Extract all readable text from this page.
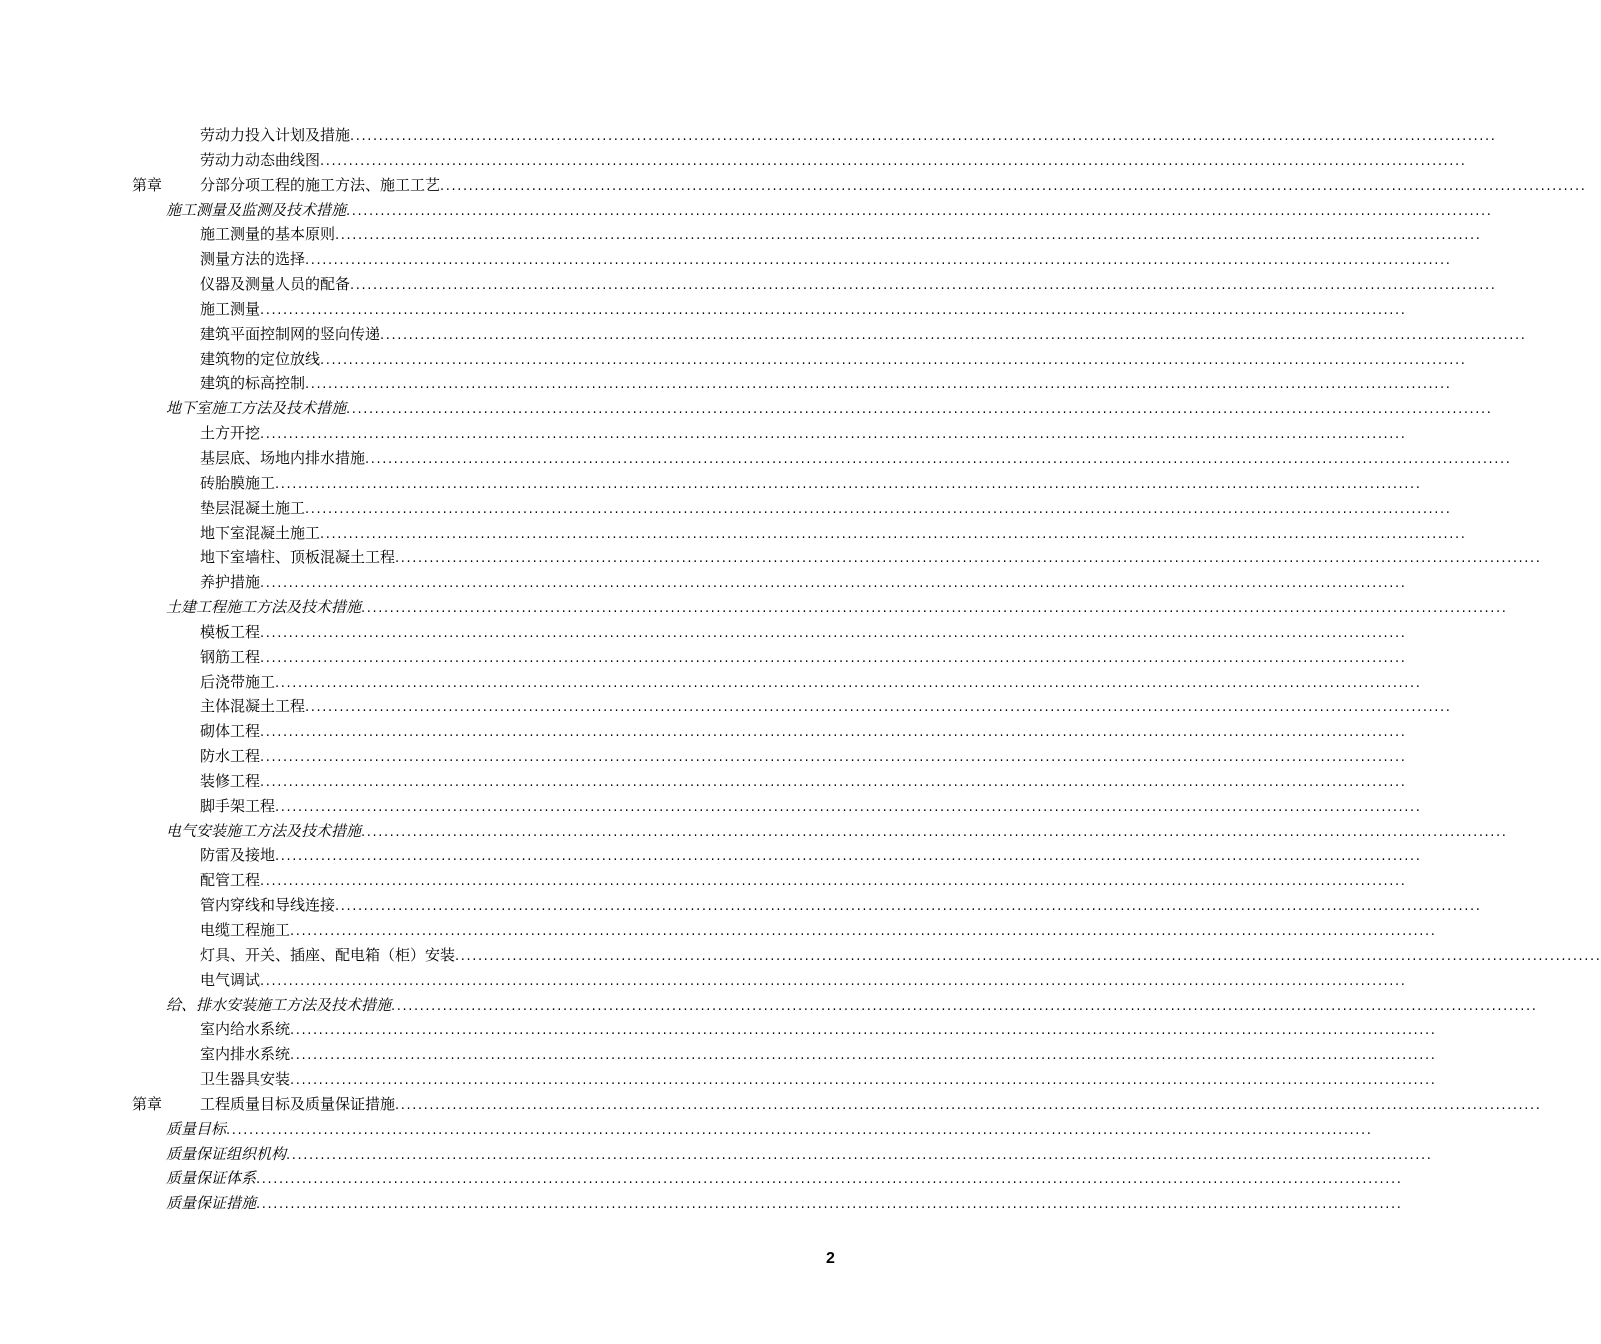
劳动力投入计划及措施 ........................................................................................................................................................................................................
劳动力动态曲线图 ........................................................................................................................................................................................................
第章	分部分项工程的施工方法、施工工艺 ........................................................................................................................................................................................................
施工测量及监测及技术措施 ........................................................................................................................................................................................................
施工测量的基本原则 ........................................................................................................................................................................................................
测量方法的选择 ........................................................................................................................................................................................................
仪器及测量人员的配备 ........................................................................................................................................................................................................
施工测量 ........................................................................................................................................................................................................
建筑平面控制网的竖向传递 ........................................................................................................................................................................................................
建筑物的定位放线 ........................................................................................................................................................................................................
建筑的标高控制 ........................................................................................................................................................................................................
地下室施工方法及技术措施 ........................................................................................................................................................................................................
土方开挖 ........................................................................................................................................................................................................
基层底、场地内排水措施 ........................................................................................................................................................................................................
砖胎膜施工 ........................................................................................................................................................................................................
垫层混凝土施工 ........................................................................................................................................................................................................
地下室混凝土施工 ........................................................................................................................................................................................................
地下室墙柱、顶板混凝土工程 ........................................................................................................................................................................................................
养护措施 ........................................................................................................................................................................................................
土建工程施工方法及技术措施 ........................................................................................................................................................................................................
模板工程 ........................................................................................................................................................................................................
钢筋工程 ........................................................................................................................................................................................................
后浇带施工 ........................................................................................................................................................................................................
主体混凝土工程 ........................................................................................................................................................................................................
砌体工程 ........................................................................................................................................................................................................
防水工程 ........................................................................................................................................................................................................
装修工程 ........................................................................................................................................................................................................
脚手架工程 ........................................................................................................................................................................................................
电气安装施工方法及技术措施 ........................................................................................................................................................................................................
防雷及接地 ........................................................................................................................................................................................................
配管工程 ........................................................................................................................................................................................................
管内穿线和导线连接 ........................................................................................................................................................................................................
电缆工程施工 ........................................................................................................................................................................................................
灯具、开关、插座、配电箱（柜）安装 ........................................................................................................................................................................................................
电气调试 ........................................................................................................................................................................................................
给、排水安装施工方法及技术措施 ........................................................................................................................................................................................................
室内给水系统 ........................................................................................................................................................................................................
室内排水系统 ........................................................................................................................................................................................................
卫生器具安装 ........................................................................................................................................................................................................
第章	工程质量目标及质量保证措施 ........................................................................................................................................................................................................
质量目标 ........................................................................................................................................................................................................
质量保证组织机构 ........................................................................................................................................................................................................
质量保证体系 ........................................................................................................................................................................................................
质量保证措施 ........................................................................................................................................................................................................
2
